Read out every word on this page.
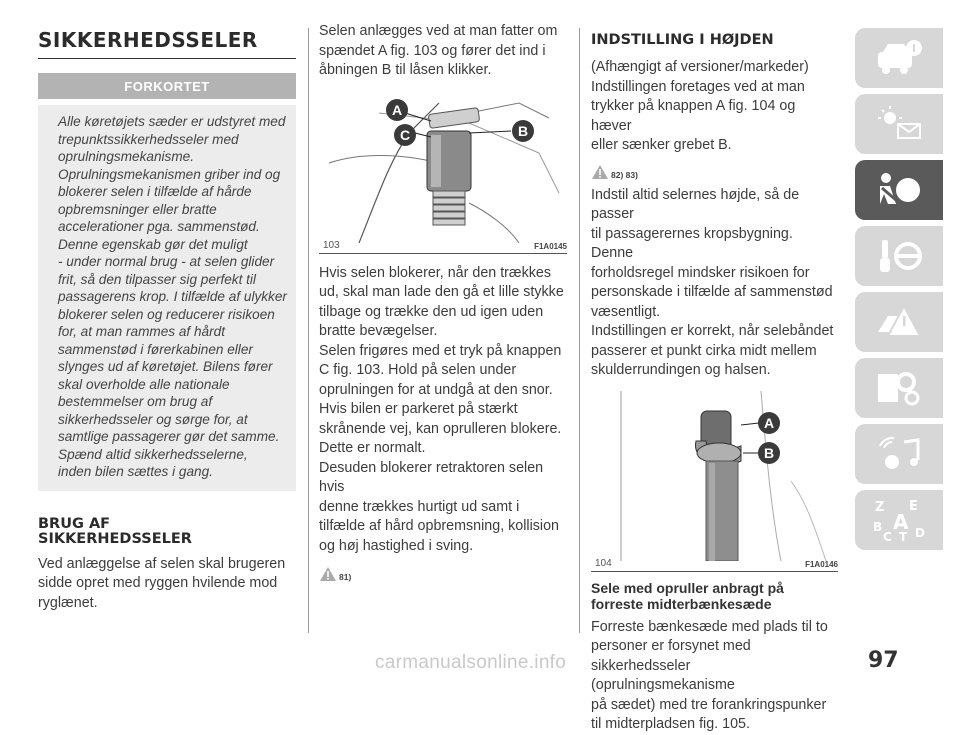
SIKKERHEDSSELER
FORKORTET
Alle køretøjets sæder er udstyret med
trepunktssikkerhedsseler med
oprulningsmekanisme.
Oprulningsmekanismen griber ind og
blokerer selen i tilfælde af hårde
opbremsninger eller bratte
accelerationer pga. sammenstød.
Denne egenskab gør det muligt
- under normal brug - at selen glider
frit, så den tilpasser sig perfekt til
passagerens krop. I tilfælde af ulykker
blokerer selen og reducerer risikoen
for, at man rammes af hårdt
sammenstød i førerkabinen eller
slynges ud af køretøjet. Bilens fører
skal overholde alle nationale
bestemmelser om brug af
sikkerhedsseler og sørge for, at
samtlige passagerer gør det samme.
Spænd altid sikkerhedsselerne,
inden bilen sættes i gang.
BRUG AF
SIKKERHEDSSELER

Ved anlæggelse af selen skal brugeren

sidde opret med ryggen hvilende mod

ryglænet.

Selen anlægges ved at man fatter om

spændet A fig. 103 og fører det ind i

åbningen B til låsen klikker.

A
B
C
103	F1A0145

Hvis selen blokerer, når den trækkes

ud, skal man lade den gå et lille stykke

tilbage og trække den ud igen uden

bratte bevægelser.

Selen frigøres med et tryk på knappen

C fig. 103. Hold på selen under

oprulningen for at undgå at den snor.

Hvis bilen er parkeret på stærkt

skrånende vej, kan oprulleren blokere.

Dette er normalt.

Desuden blokerer retraktoren selen hvis

denne trækkes hurtigt ud samt i

tilfælde af hård opbremsning, kollision

og høj hastighed i sving.

81)
INDSTILLING I HØJDEN

(Afhængigt af versioner/markeder)

Indstillingen foretages ved at man

trykker på knappen A fig. 104 og hæver

eller sænker grebet B.

82) 83)

Indstil altid selernes højde, så de passer

til passagerernes kropsbygning. Denne

forholdsregel mindsker risikoen for

personskade i tilfælde af sammenstød

væsentligt.

Indstillingen er korrekt, når selebåndet

passerer et punkt cirka midt mellem

skulderrundingen og halsen.

A
B
104	F1A0146
Sele med opruller anbragt på
forreste midterbænkesæde

Forreste bænkesæde med plads til to

personer er forsynet med

sikkerhedsseler (oprulningsmekanisme

på sædet) med tre forankringspunker

til midterpladsen fig. 105.

Z E
A
B
C T D
97
carmanualsonline.info
